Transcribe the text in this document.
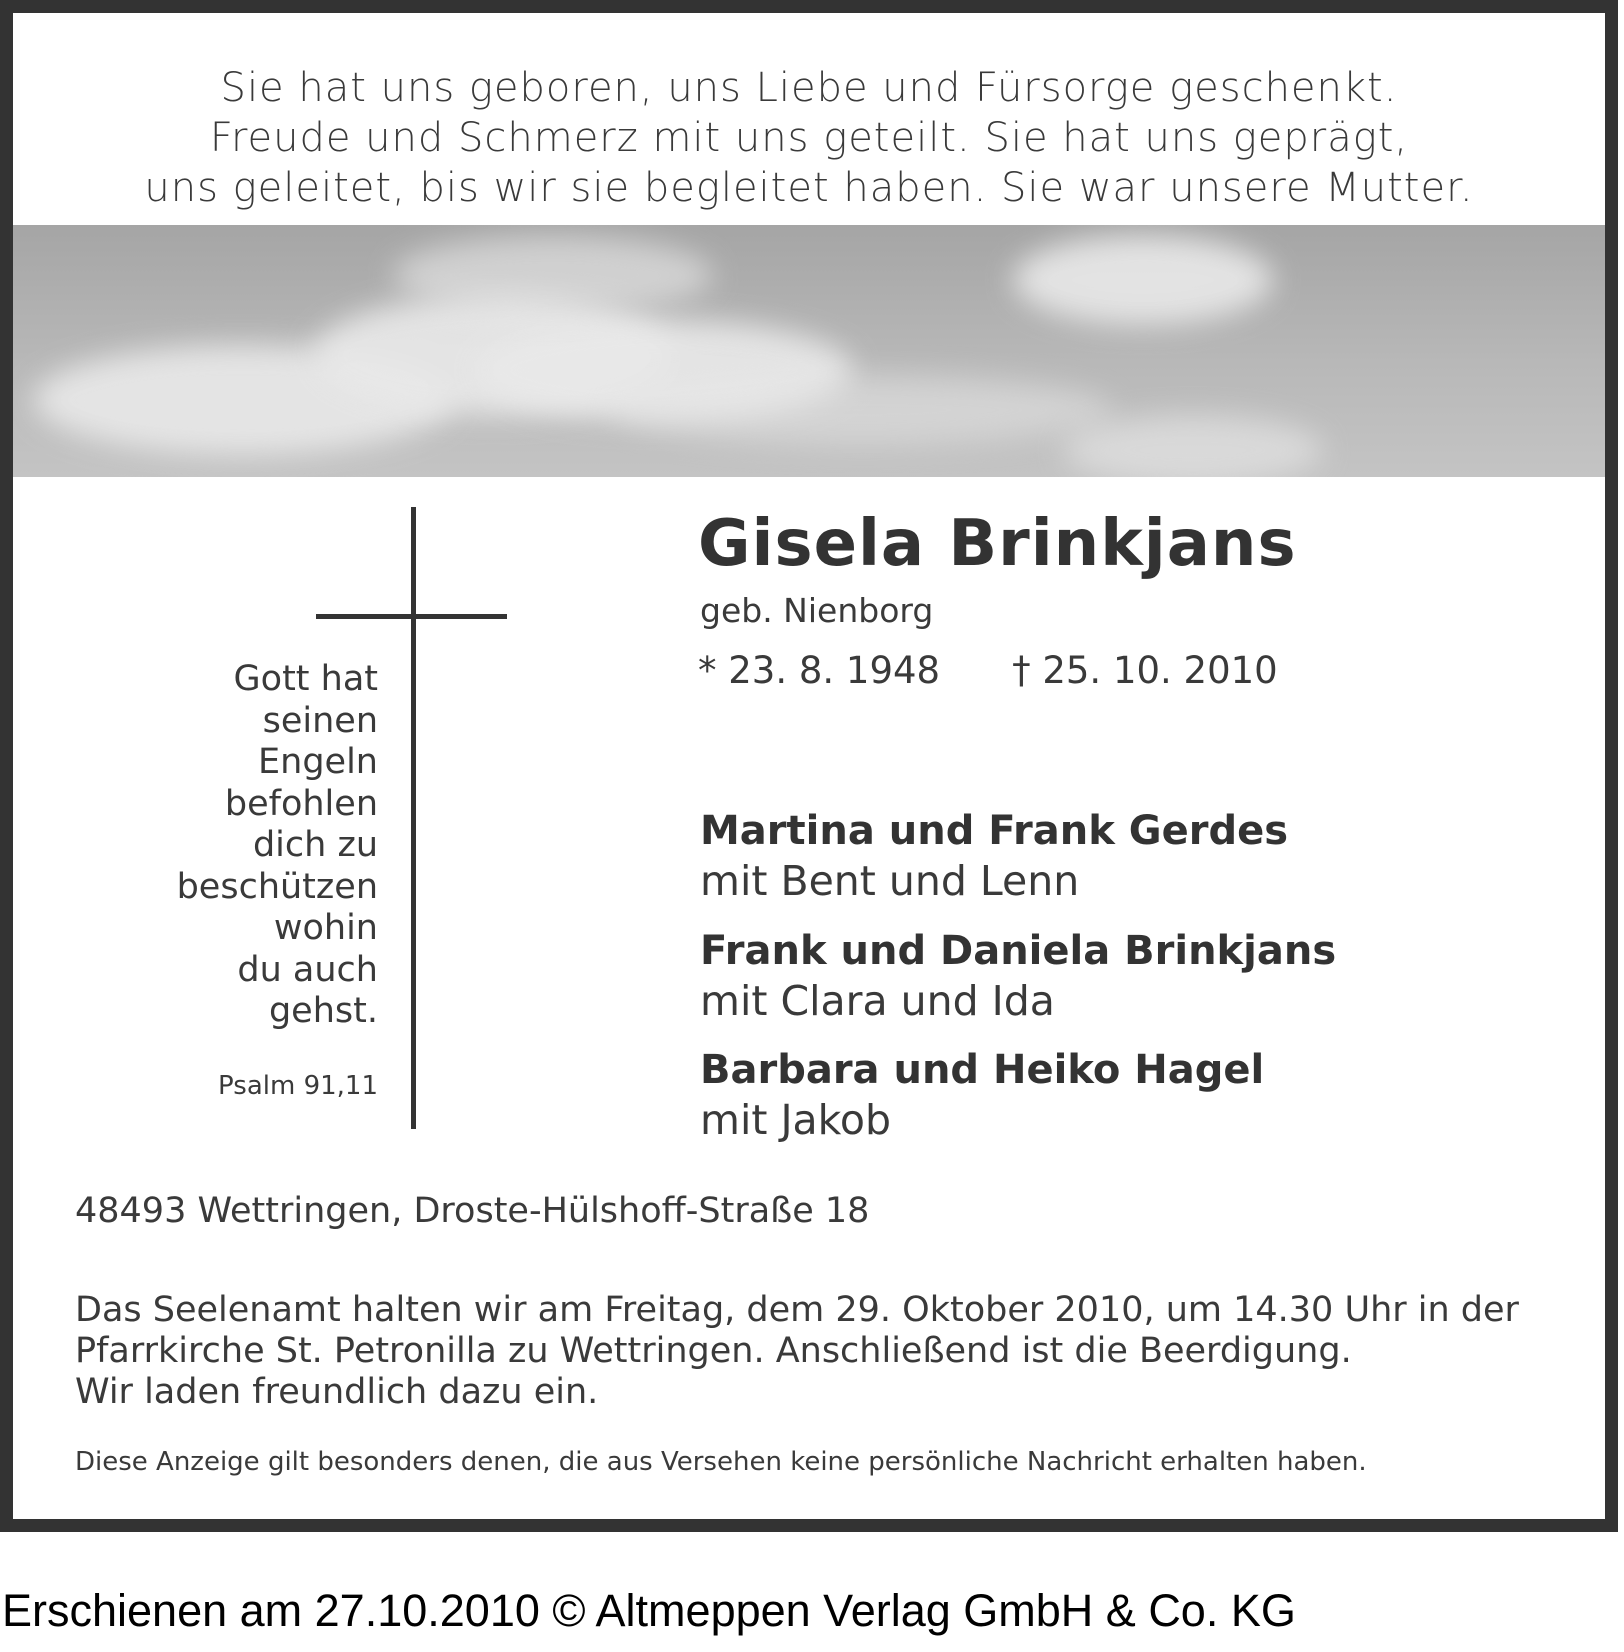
Sie hat uns geboren, uns Liebe und Fürsorge geschenkt.
Freude und Schmerz mit uns geteilt. Sie hat uns geprägt,
uns geleitet, bis wir sie begleitet haben. Sie war unsere Mutter.
Gott hat
seinen
Engeln
befohlen
dich zu
beschützen
wohin
du auch
gehst.
Psalm 91,11
Gisela Brinkjans
geb. Nienborg
* 23. 8. 1948 † 25. 10. 2010
Martina und Frank Gerdes
mit Bent und Lenn
Frank und Daniela Brinkjans
mit Clara und Ida
Barbara und Heiko Hagel
mit Jakob
48493 Wettringen, Droste-Hülshoff-Straße 18
Das Seelenamt halten wir am Freitag, dem 29. Oktober 2010, um 14.30 Uhr in der
Pfarrkirche St. Petronilla zu Wettringen. Anschließend ist die Beerdigung.
Wir laden freundlich dazu ein.
Diese Anzeige gilt besonders denen, die aus Versehen keine persönliche Nachricht erhalten haben.
Erschienen am 27.10.2010 © Altmeppen Verlag GmbH & Co. KG
